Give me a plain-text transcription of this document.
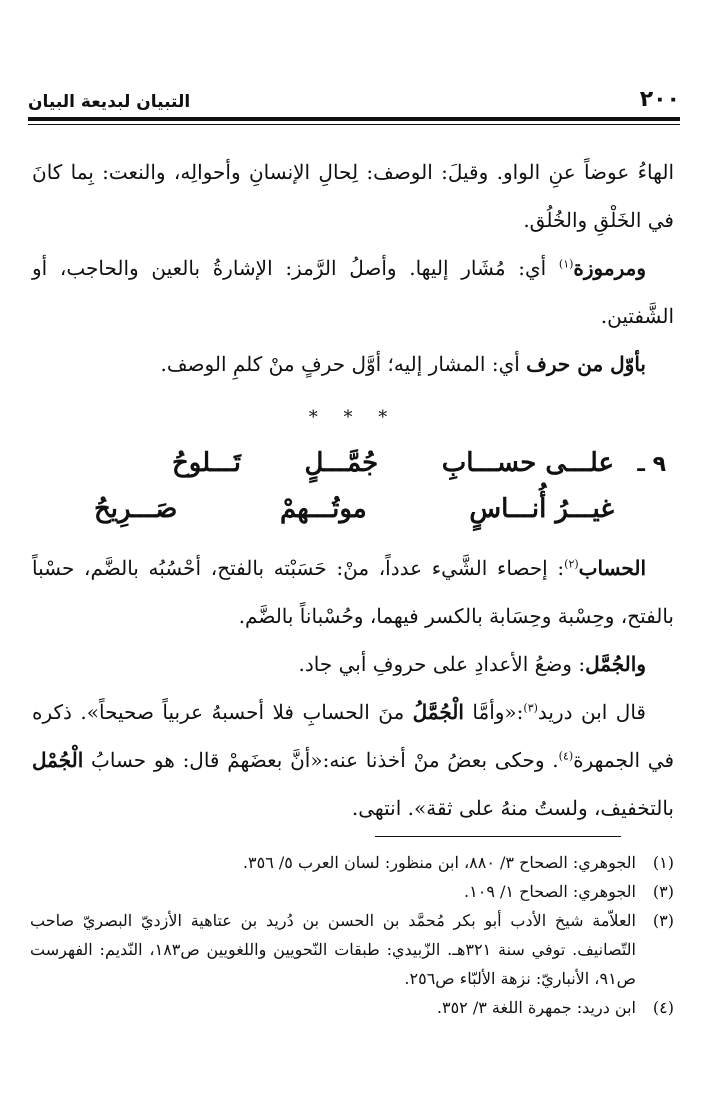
٢٠٠
التبيان لبديعة البيان

الهاءُ عوضاً عنِ الواو. وقيلَ: الوصف: لِحالِ الإنسانِ وأحوالِه، والنعت: بِما كانَ في الخَلْقِ والخُلُق.

ومرموزة$^{(١)}$ أي: مُشَار إليها. وأصلُ الرَّمز: الإشارةُ بالعين والحاجب، أو الشَّفتين.

بأوّل من حرف أي: المشار إليه؛ أوَّل حرفٍ منْ كلمِ الوصف.

* * *
٩ ـ
علـــى حســـابِ
جُمَّـــلٍ
تَـــلوحُ
غيـــرُ أُنـــاسٍ
موتُـــهمْ
صَـــرِيحُ

الحساب$^{(٢)}$: إحصاء الشَّيء عدداً، منْ: حَسَبْته بالفتح، أحْسُبُه بالضَّم، حسْباً بالفتح، وحِسْبة وحِسَابة بالكسر فيهما، وحُسْباناً بالضَّم.

والجُمَّل: وضعُ الأعدادِ على حروفِ أبي جاد.

قال ابن دريد$^{(٣)}$:«وأمَّا الْجُمَّلُ منَ الحسابِ فلا أحسبهُ عربياً صحيحاً». ذكره في الجمهرة$^{(٤)}$. وحكى بعضُ منْ أخذنا عنه:«أنَّ بعضَهمْ قال: هو حسابُ الْجُمْل بالتخفيف، ولستُ منهُ على ثقة». انتهى.

(١)
الجوهري: الصحاح ٣/ ٨٨٠، ابن منظور: لسان العرب ٥/ ٣٥٦.
(٣)
الجوهري: الصحاح ١/ ١٠٩.
(٣)
العلاّمة شيخ الأدب أبو بكر مُحمَّد بن الحسن بن دُريد بن عتاهية الأزديّ البصريّ صاحب التّصانيف. توفي سنة ٣٢١هـ. الزّبيدي: طبقات النّحويين واللغويين ص١٨٣، النّديم: الفهرست ص٩١، الأنباريّ: نزهة الألبّاء ص٢٥٦.
(٤)
ابن دريد: جمهرة اللغة ٣/ ٣٥٢.
